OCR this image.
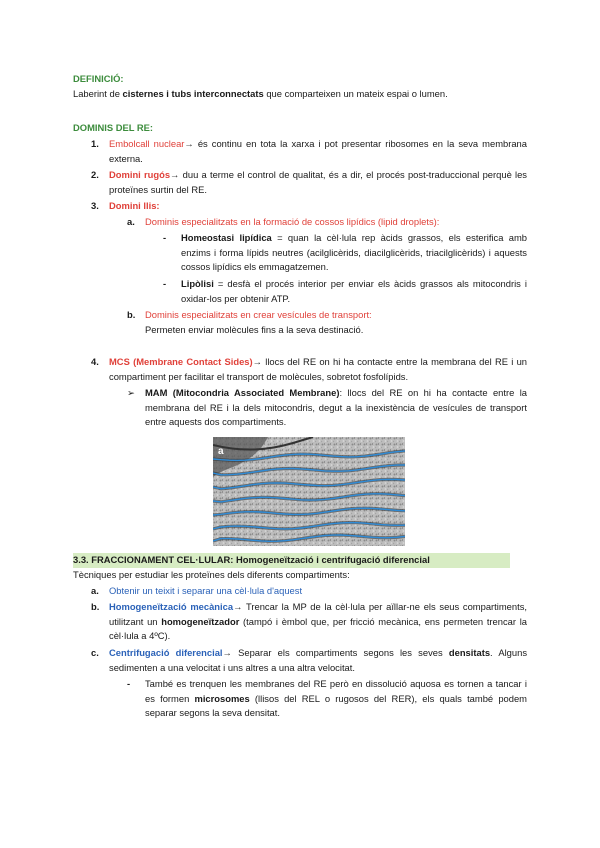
DEFINICIÓ:
Laberint de cisternes i tubs interconnectats que comparteixen un mateix espai o lumen.
DOMINIS DEL RE:
1. Embolcall nuclear→ és continu en tota la xarxa i pot presentar ribosomes en la seva membrana externa.
2. Domini rugós→ duu a terme el control de qualitat, és a dir, el procés post-traduccional perquè les proteïnes surtin del RE.
3. Domini llis:
a. Dominis especialitzats en la formació de cossos lipídics (lipid droplets):
- Homeostasi lipídica = quan la cèl·lula rep àcids grassos, els esterifica amb enzims i forma lípids neutres (acilglicèrids, diacilglicèrids, triacilglicèrids) i aquests cossos lipídics els emmagatzemen.
- Lipòlisi = desfà el procés interior per enviar els àcids grassos als mitocondris i oxidar-los per obtenir ATP.
b. Dominis especialitzats en crear vesícules de transport:
Permeten enviar molècules fins a la seva destinació.
4. MCS (Membrane Contact Sides)→ llocs del RE on hi ha contacte entre la membrana del RE i un compartiment per facilitar el transport de molècules, sobretot fosfolípids.
➢ MAM (Mitocondria Associated Membrane): llocs del RE on hi ha contacte entre la membrana del RE i la dels mitocondris, degut a la inexistència de vesícules de transport entre aquests dos compartiments.
a
3.3. FRACCIONAMENT CEL·LULAR: Homogeneïtzació i centrifugació diferencial
Tècniques per estudiar les proteïnes dels diferents compartiments:
a. Obtenir un teixit i separar una cèl·lula d'aquest
b. Homogeneïtzació mecànica→ Trencar la MP de la cèl·lula per aïllar-ne els seus compartiments, utilitzant un homogeneïtzador (tampó i èmbol que, per fricció mecànica, ens permeten trencar la cèl·lula a 4ºC).
c. Centrifugació diferencial→ Separar els compartiments segons les seves densitats. Alguns sedimenten a una velocitat i uns altres a una altra velocitat.
- També es trenquen les membranes del RE però en dissolució aquosa es tornen a tancar i es formen microsomes (llisos del REL o rugosos del RER), els quals també podem separar segons la seva densitat.
